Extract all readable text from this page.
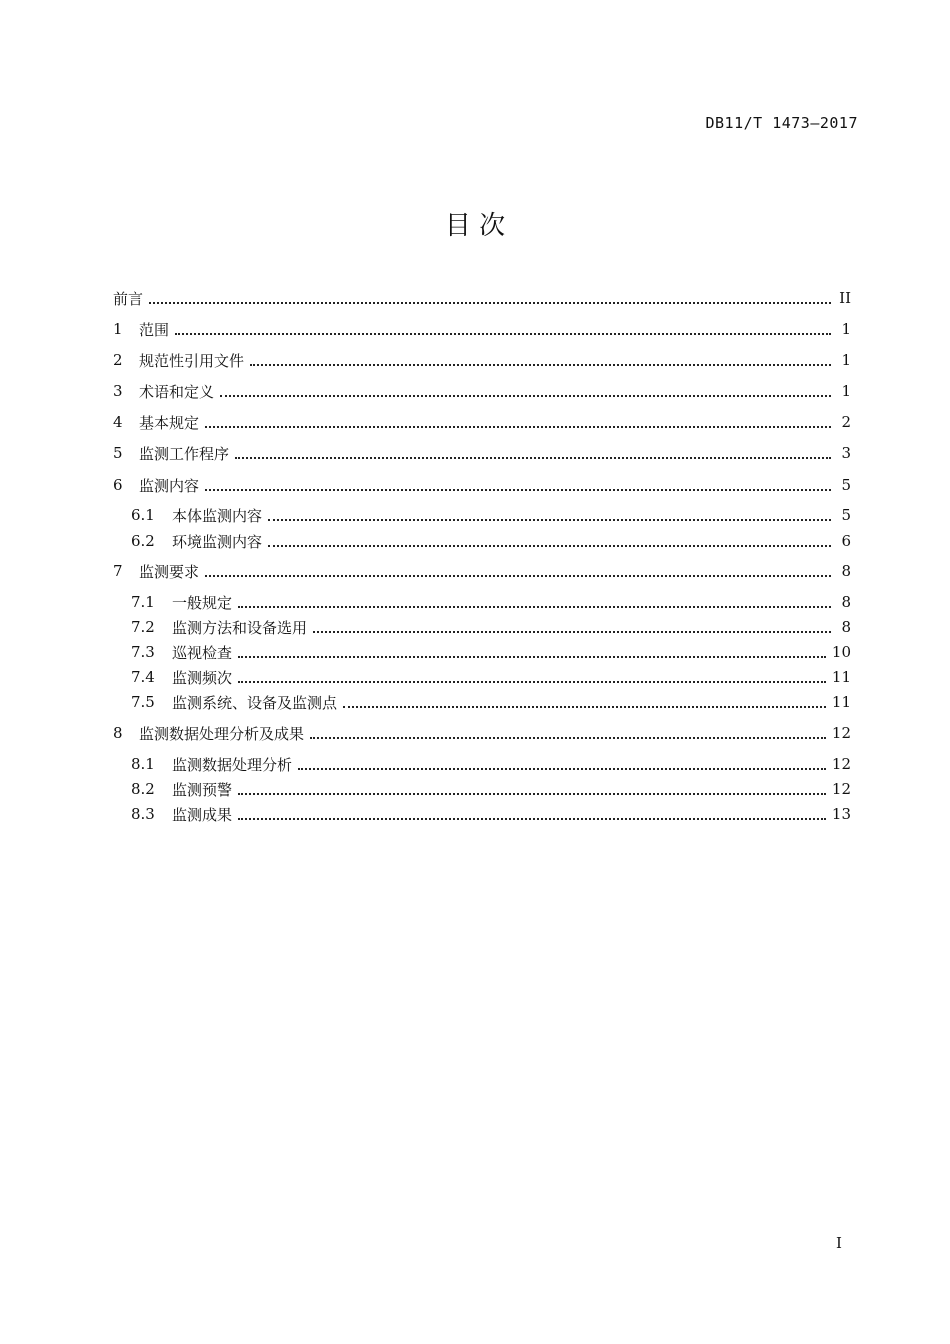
DB11/T 1473—2017
目 次
前言	II
1	范围	1
2	规范性引用文件	1
3	术语和定义	1
4	基本规定	2
5	监测工作程序	3
6	监测内容	5
6.1	本体监测内容	5
6.2	环境监测内容	6
7	监测要求	8
7.1	一般规定	8
7.2	监测方法和设备选用	8
7.3	巡视检查	10
7.4	监测频次	11
7.5	监测系统、设备及监测点	11
8	监测数据处理分析及成果	12
8.1	监测数据处理分析	12
8.2	监测预警	12
8.3	监测成果	13
I
